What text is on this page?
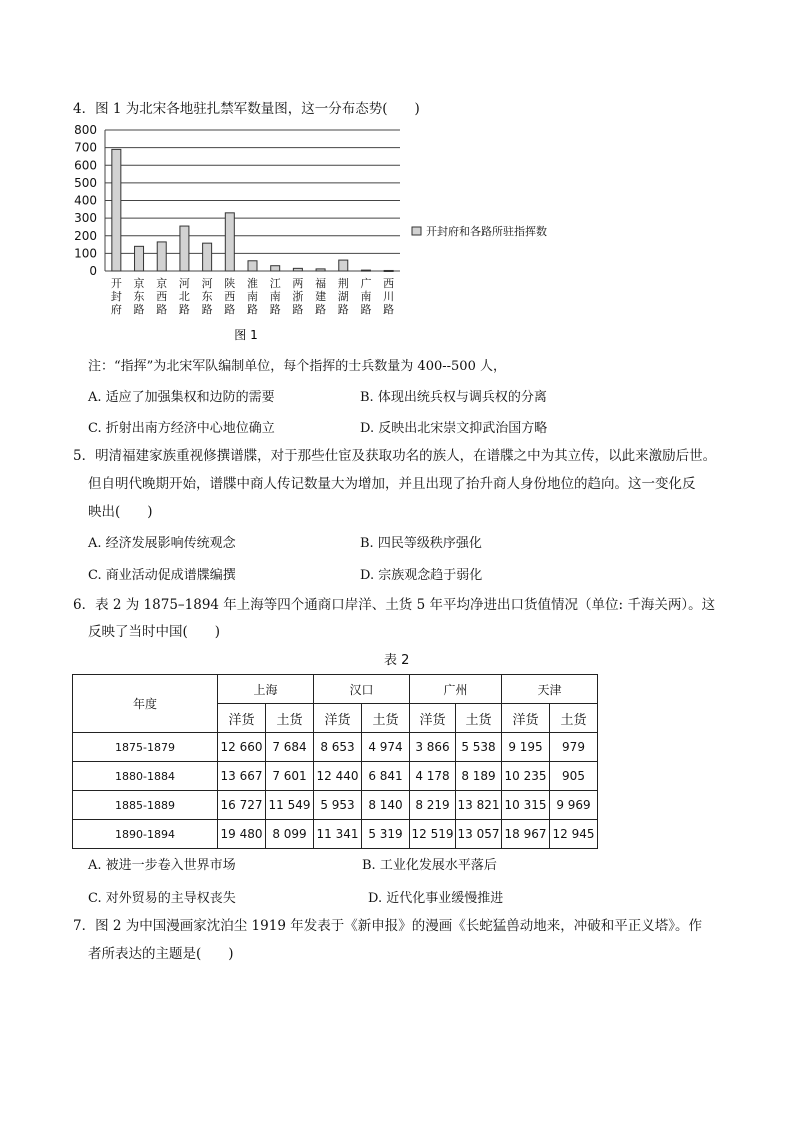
4．图 1 为北宋各地驻扎禁军数量图，这一分布态势(　　)
0
100
200
300
400
500
600
700
800
开封府
京东路
京西路
河北路
河东路
陕西路
淮南路
江南路
两浙路
福建路
荆湖路
广南路
西川路
开封府和各路所驻指挥数
图 1
注：“指挥”为北宋军队编制单位，每个指挥的士兵数量为 400--500 人，
A. 适应了加强集权和边防的需要	B. 体现出统兵权与调兵权的分离
C. 折射出南方经济中心地位确立	D. 反映出北宋崇文抑武治国方略
5．明清福建家族重视修撰谱牒，对于那些仕宦及获取功名的族人，在谱牒之中为其立传，以此来激励后世。
但自明代晚期开始，谱牒中商人传记数量大为增加，并且出现了抬升商人身份地位的趋向。这一变化反
映出(　　)
A. 经济发展影响传统观念	B. 四民等级秩序强化
C. 商业活动促成谱牒编撰	D. 宗族观念趋于弱化
6．表 2 为 1875–1894 年上海等四个通商口岸洋、土货 5 年平均净进出口货值情况（单位: 千海关两）。这
反映了当时中国(　　)
表 2
年度	上海		汉口		广州		天津	
	洋货	土货	洋货	土货	洋货	土货	洋货	土货
1875-1879	12 660	7 684	8 653	4 974	3 866	5 538	9 195	979
1880-1884	13 667	7 601	12 440	6 841	4 178	8 189	10 235	905
1885-1889	16 727	11 549	5 953	8 140	8 219	13 821	10 315	9 969
1890-1894	19 480	8 099	11 341	5 319	12 519	13 057	18 967	12 945
A. 被进一步卷入世界市场	B. 工业化发展水平落后
C. 对外贸易的主导权丧失	D. 近代化事业缓慢推进
7．图 2 为中国漫画家沈泊尘 1919 年发表于《新申报》的漫画《长蛇猛兽动地来，冲破和平正义塔》。作
者所表达的主题是(　　)
